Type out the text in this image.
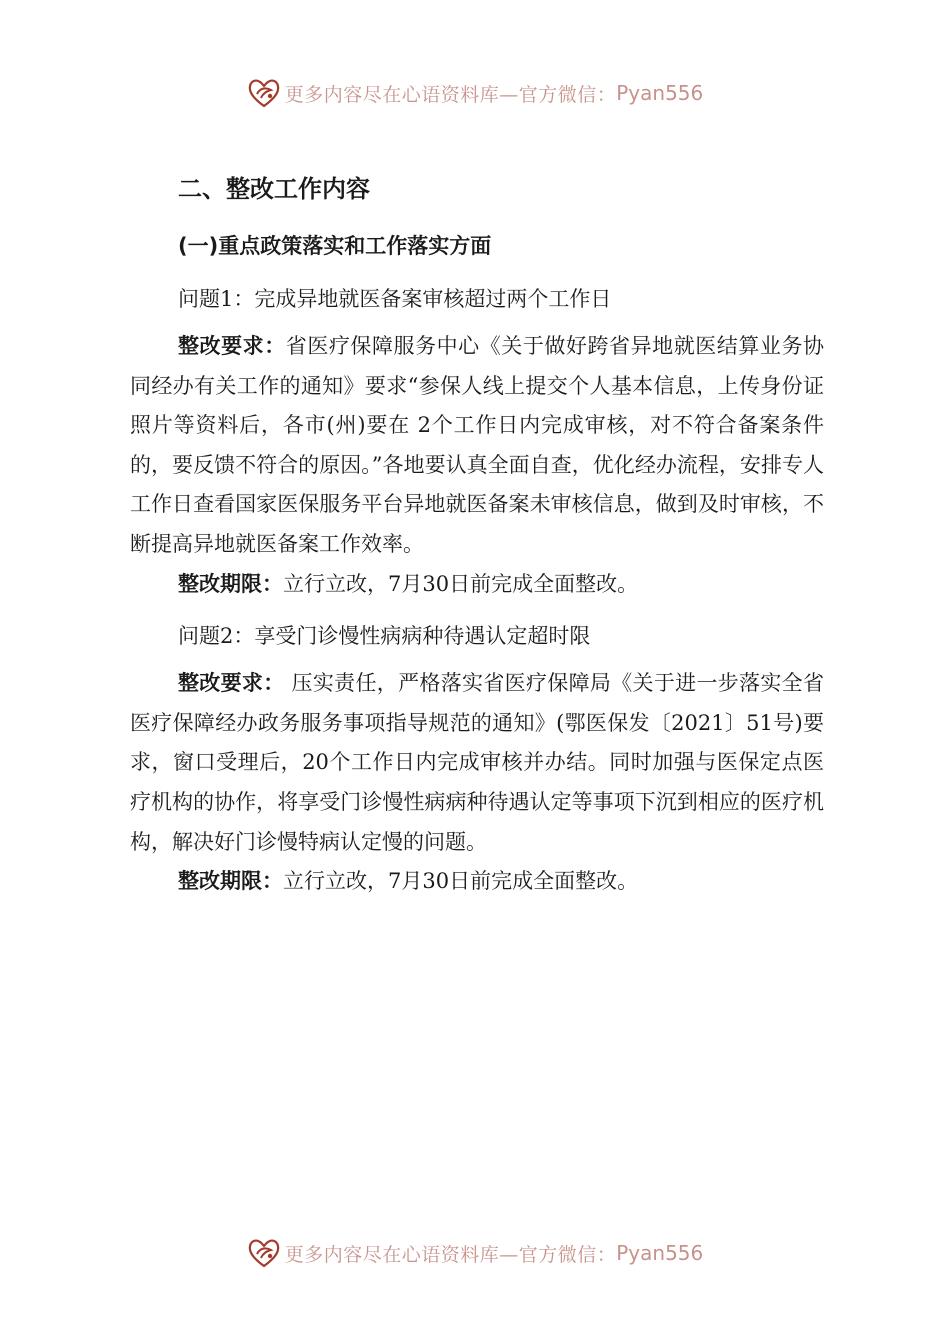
更多内容尽在心语资料库—官方微信： Pyan556
二、整改工作内容
(一)重点政策落实和工作落实方面
问题1：完成异地就医备案审核超过两个工作日

整改要求：省医疗保障服务中心《关于做好跨省异地就医结算业务协同经办有关工作的通知》要求“参保人线上提交个人基本信息，上传身份证照片等资料后，各市(州)要在 2个工作日内完成审核，对不符合备案条件的，要反馈不符合的原因。”各地要认真全面自查，优化经办流程，安排专人工作日查看国家医保服务平台异地就医备案未审核信息，做到及时审核，不断提高异地就医备案工作效率。

整改期限：立行立改，7月30日前完成全面整改。

问题2：享受门诊慢性病病种待遇认定超时限

整改要求： 压实责任，严格落实省医疗保障局《关于进一步落实全省医疗保障经办政务服务事项指导规范的通知》(鄂医保发〔2021〕51号)要求，窗口受理后，20个工作日内完成审核并办结。同时加强与医保定点医疗机构的协作，将享受门诊慢性病病种待遇认定等事项下沉到相应的医疗机构，解决好门诊慢特病认定慢的问题。

整改期限：立行立改，7月30日前完成全面整改。

更多内容尽在心语资料库—官方微信： Pyan556
